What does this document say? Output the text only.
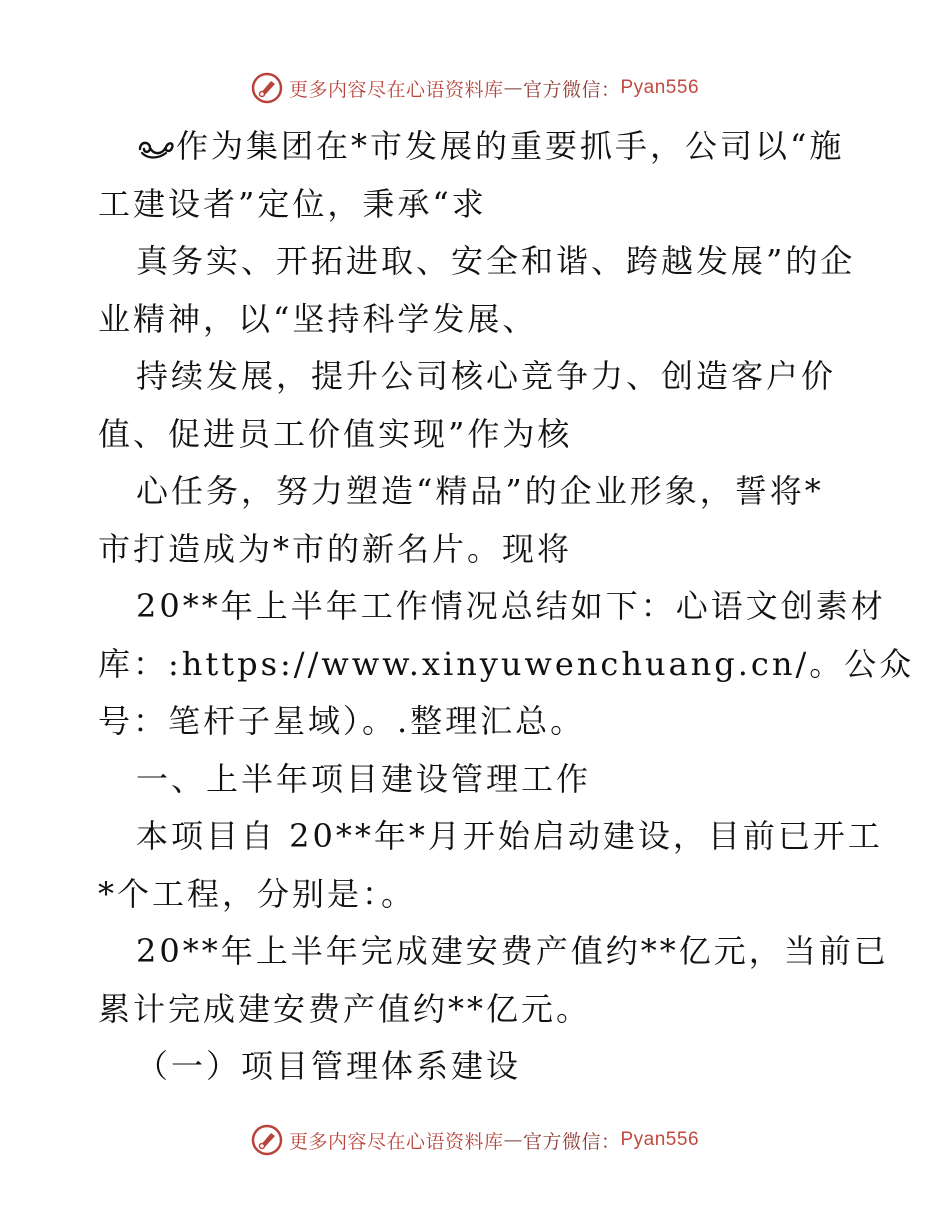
更多内容尽在心语资料库 — 官方微信： Pyan556
作为集团在*市发展的重要抓手，公司以“施
工建设者”定位，秉承“求
真务实、开拓进取、安全和谐、跨越发展”的企
业精神，以“坚持科学发展、
持续发展，提升公司核心竞争力、创造客户价
值、促进员工价值实现”作为核
心任务，努力塑造“精品”的企业形象，誓将*
市打造成为*市的新名片。现将
20**年上半年工作情况总结如下：心语文创素材
库：:https://www.xinyuwenchuang.cn/。公众
号：笔杆子星域）。.整理汇总。
一、上半年项目建设管理工作
本项目自 20**年*月开始启动建设，目前已开工
*个工程，分别是：。
20**年上半年完成建安费产值约**亿元，当前已
累计完成建安费产值约**亿元。
（一）项目管理体系建设
更多内容尽在心语资料库 — 官方微信： Pyan556
